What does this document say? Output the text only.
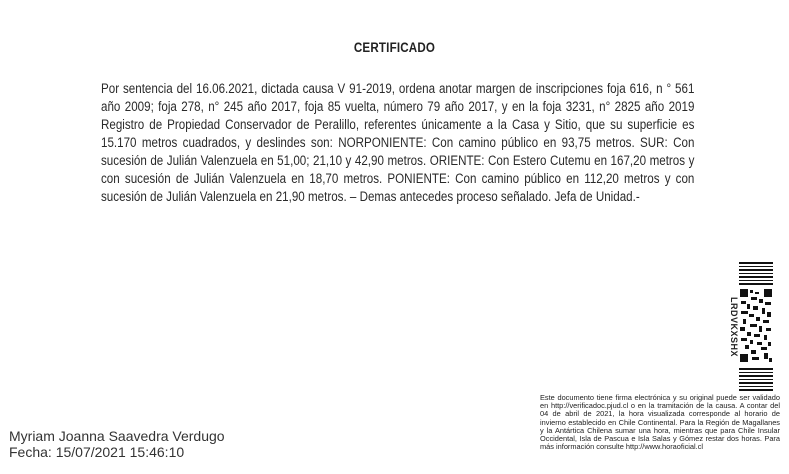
CERTIFICADO
Por sentencia del 16.06.2021, dictada causa V 91-2019, ordena anotar margen de inscripciones foja 616, n ° 561 año 2009; foja 278, n° 245 año 2017, foja 85 vuelta, número 79 año 2017, y en la foja 3231, n° 2825 año 2019 Registro de Propiedad Conservador de Peralillo, referentes únicamente a la Casa y Sitio, que su superficie es 15.170 metros cuadrados, y deslindes son: NORPONIENTE: Con camino público en 93,75 metros. SUR: Con sucesión de Julián Valenzuela en 51,00; 21,10 y 42,90 metros. ORIENTE: Con Estero Cutemu en 167,20 metros y con sucesión de Julián Valenzuela en 18,70 metros. PONIENTE: Con camino público en 112,20 metros y con sucesión de Julián Valenzuela en 21,90 metros. – Demas antecedes proceso señalado. Jefa de Unidad.-
LRDVKXSHX
Este documento tiene firma electrónica y su original puede ser validado en http://verificadoc.pjud.cl o en la tramitación de la causa. A contar del 04 de abril de 2021, la hora visualizada corresponde al horario de invierno establecido en Chile Continental. Para la Región de Magallanes y la Antártica Chilena sumar una hora, mientras que para Chile Insular Occidental, Isla de Pascua e Isla Salas y Gómez restar dos horas. Para más información consulte http://www.horaoficial.cl
Myriam Joanna Saavedra Verdugo
Fecha: 15/07/2021 15:46:10
